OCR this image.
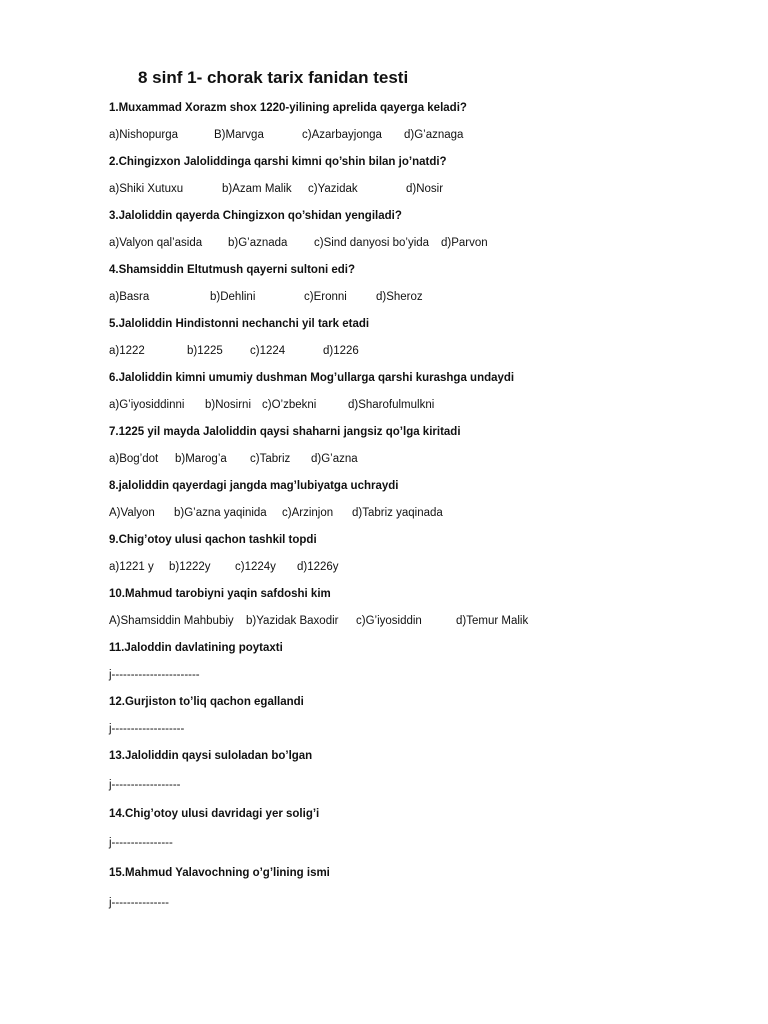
8 sinf 1- chorak tarix fanidan testi
1.Muxammad Xorazm shox 1220-yilining aprelida qayerga keladi?
a)Nishopurga	B)Marvga	c)Azarbayjonga d)G’aznaga
2.Chingizxon Jaloliddinga qarshi kimni qo’shin bilan jo’natdi?
a)Shiki Xutuxu	b)Azam Malik c)Yazidak	d)Nosir
3.Jaloliddin qayerda Chingizxon qo’shidan yengiladi?
a)Valyon qal’asida b)G’aznada c)Sind danyosi bo’yida d)Parvon
4.Shamsiddin Eltutmush qayerni sultoni edi?
a)Basra	b)Dehlini	c)Eronni	d)Sheroz
5.Jaloliddin Hindistonni nechanchi yil tark etadi
a)1222	b)1225 c)1224	d)1226
6.Jaloliddin kimni umumiy dushman Mog’ullarga qarshi kurashga undaydi
a)G’iyosiddinni b)Nosirni c)O’zbekni	d)Sharofulmulkni
7.1225 yil mayda Jaloliddin qaysi shaharni jangsiz qo’lga kiritadi
a)Bog’dot b)Marog’a c)Tabriz d)G’azna
8.jaloliddin qayerdagi jangda mag’lubiyatga uchraydi
A)Valyon b)G’azna yaqinida c)Arzinjon d)Tabriz yaqinada
9.Chig’otoy ulusi qachon tashkil topdi
a)1221 y b)1222y c)1224y d)1226y
10.Mahmud tarobiyni yaqin safdoshi kim
A)Shamsiddin Mahbubiy b)Yazidak Baxodir c)G’iyosiddin	d)Temur Malik
11.Jaloddin davlatining poytaxti
j-----------------------
12.Gurjiston to’liq qachon egallandi
j-------------------
13.Jaloliddin qaysi suloladan bo’lgan
j------------------
14.Chig’otoy ulusi davridagi yer solig’i
j----------------
15.Mahmud Yalavochning o’g’lining ismi
j---------------
